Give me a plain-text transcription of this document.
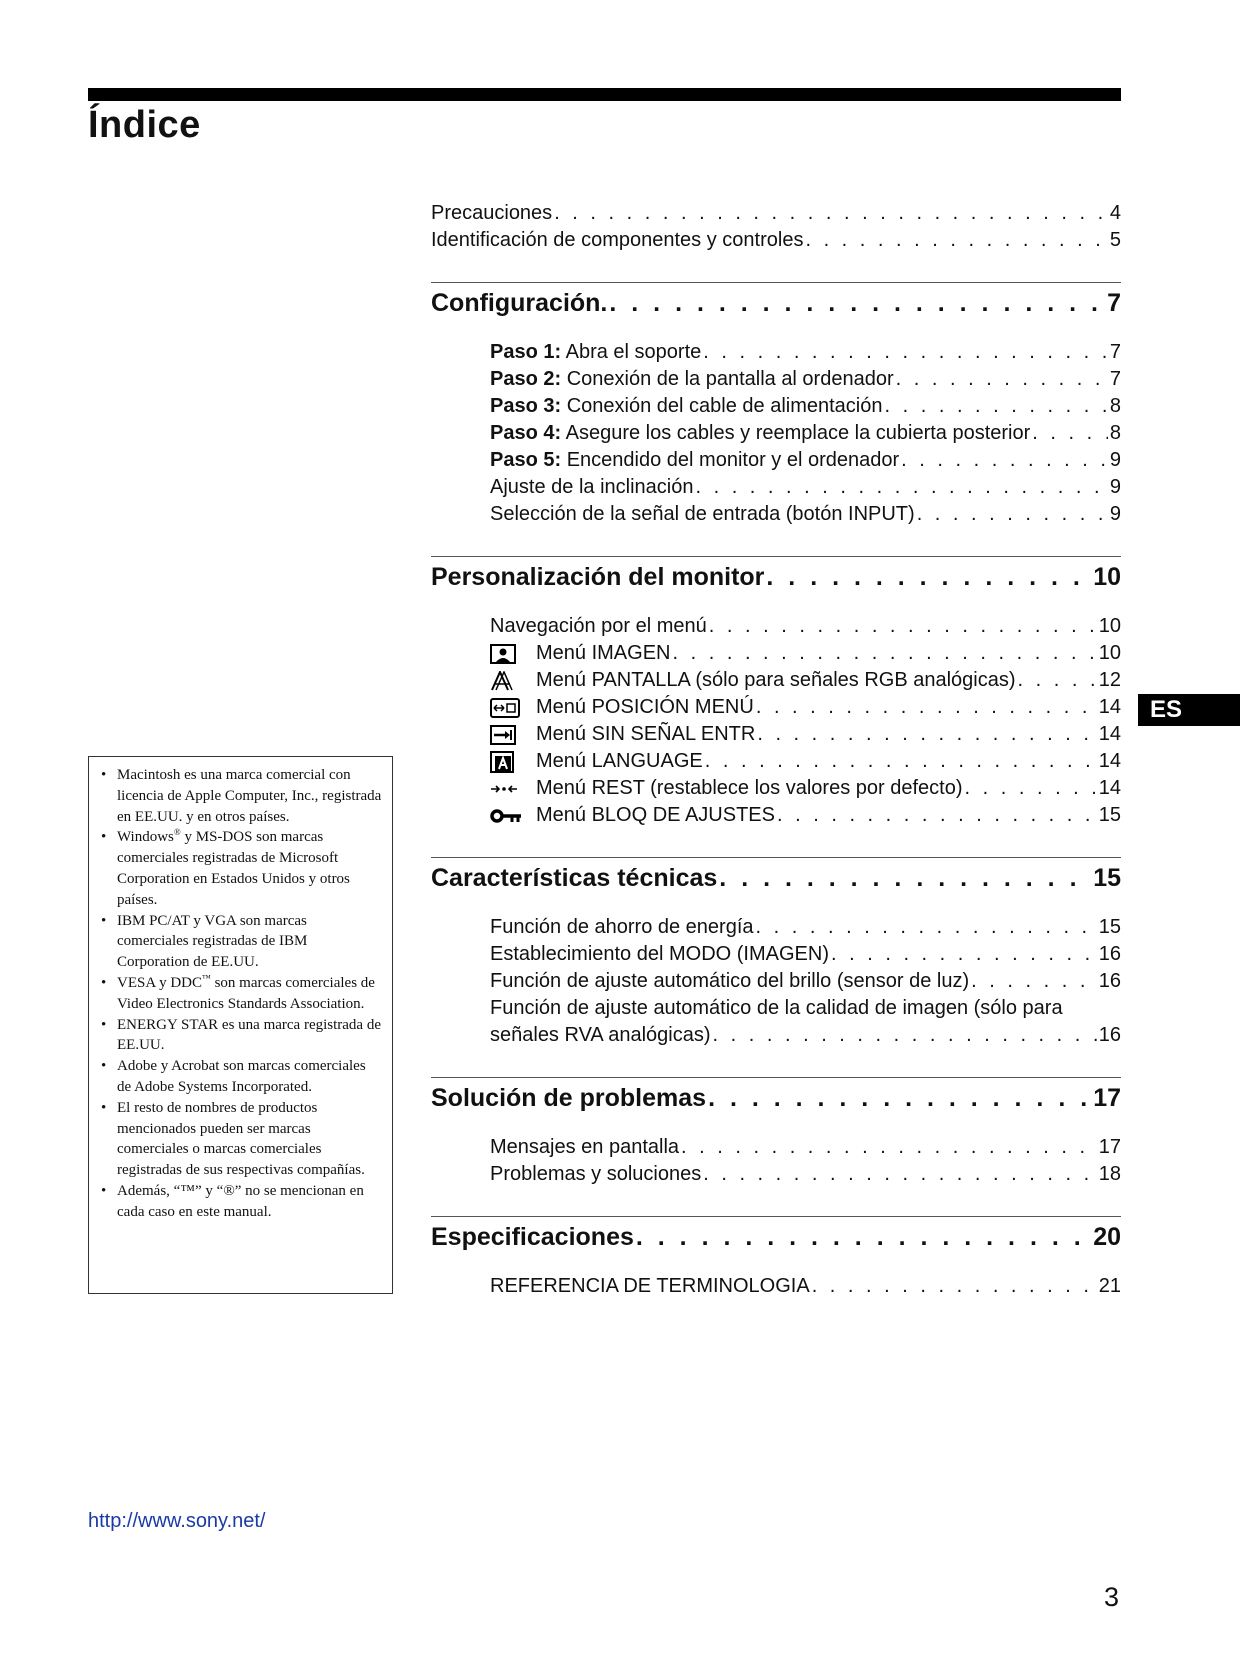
Índice
Precauciones . . .	4
Identificación de componentes y controles . . .	5
Configuración. . . .	7
Paso 1: Abra el soporte . . .	7
Paso 2: Conexión de la pantalla al ordenador . . .	7
Paso 3: Conexión del cable de alimentación . . .	8
Paso 4: Asegure los cables y reemplace la cubierta posterior . . .	8
Paso 5: Encendido del monitor y el ordenador . . .	9
Ajuste de la inclinación . . .	9
Selección de la señal de entrada (botón INPUT) . . .	9
Personalización del monitor . . .	10
Navegación por el menú . . .	10
Menú IMAGEN . . .	10
Menú PANTALLA (sólo para señales RGB analógicas) . . .	12
Menú POSICIÓN MENÚ . . .	14
Menú SIN SEÑAL ENTR . . .	14
Menú LANGUAGE . . .	14
Menú REST (restablece los valores por defecto) . . .	14
Menú BLOQ DE AJUSTES . . .	15
Características técnicas . . .	15
Función de ahorro de energía . . .	15
Establecimiento del MODO (IMAGEN) . . .	16
Función de ajuste automático del brillo (sensor de luz) . . .	16
Función de ajuste automático de la calidad de imagen (sólo para
señales RVA analógicas) . . .	16
Solución de problemas . . .	17
Mensajes en pantalla . . .	17
Problemas y soluciones . . .	18
Especificaciones . . .	20
REFERENCIA DE TERMINOLOGIA . . .	21
• Macintosh es una marca comercial con licencia de Apple Computer, Inc., registrada en EE.UU. y en otros países.
• Windows® y MS-DOS son marcas comerciales registradas de Microsoft Corporation en Estados Unidos y otros países.
• IBM PC/AT y VGA son marcas comerciales registradas de IBM Corporation de EE.UU.
• VESA y DDC™ son marcas comerciales de Video Electronics Standards Association.
• ENERGY STAR es una marca registrada de EE.UU.
• Adobe y Acrobat son marcas comerciales de Adobe Systems Incorporated.
• El resto de nombres de productos mencionados pueden ser marcas comerciales o marcas comerciales registradas de sus respectivas compañías.
• Además, “™” y “®” no se mencionan en cada caso en este manual.
ES
http://www.sony.net/
3
